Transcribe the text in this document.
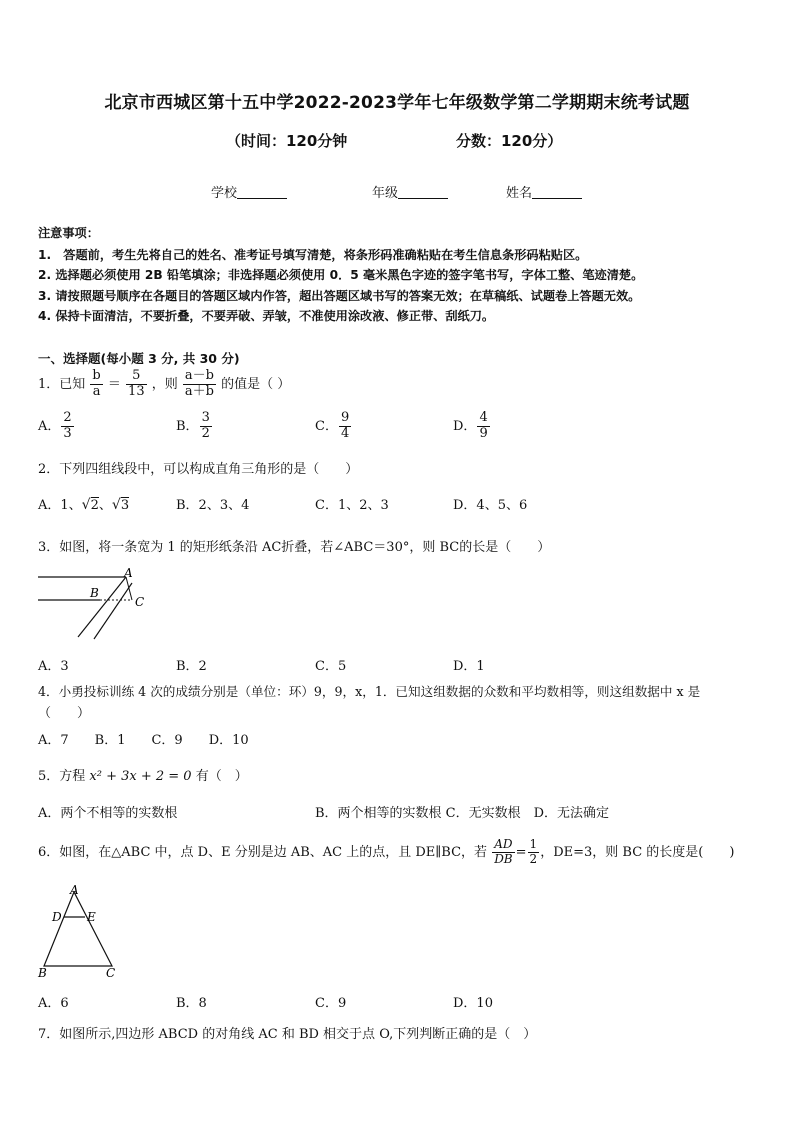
北京市西城区第十五中学2022-2023学年七年级数学第二学期期末统考试题
（时间：120分钟	分数：120分）
学校	年级	姓名
注意事项：
1.　答题前，考生先将自己的姓名、准考证号填写清楚，将条形码准确粘贴在考生信息条形码粘贴区。
2. 选择题必须使用 2B 铅笔填涂；非选择题必须使用 0．5 毫米黑色字迹的签字笔书写，字体工整、笔迹清楚。
3. 请按照题号顺序在各题目的答题区域内作答，超出答题区域书写的答案无效；在草稿纸、试题卷上答题无效。
4. 保持卡面清洁，不要折叠，不要弄破、弄皱，不准使用涂改液、修正带、刮纸刀。
一、选择题(每小题 3 分, 共 30 分)
1．已知 $\frac{b}{a} = \frac{5}{13}$ ，则 $\frac{a-b}{a+b}$ 的值是（ ）
A． $\frac{2}{3}$	B． $\frac{3}{2}$	C． $\frac{9}{4}$	D． $\frac{4}{9}$
2．下列四组线段中，可以构成直角三角形的是（　　）
A．1、√2、√3	B．2、3、4	C．1、2、3	D．4、5、6
3．如图，将一条宽为 1 的矩形纸条沿 AC折叠，若∠ABC＝30°，则 BC的长是（　　）
A
B
C
A．3	B．2	C．5	D．1
4．小勇投标训练 4 次的成绩分别是（单位：环）9，9，x，1．已知这组数据的众数和平均数相等，则这组数据中 x 是
（　　）
A．7　　B．1　　C．9　　D．10
5．方程 x² + 3x + 2 = 0 有（　）
A．两个不相等的实数根	B．两个相等的实数根 C．无实数根　D．无法确定
6．如图，在△ABC 中，点 D、E 分别是边 AB、AC 上的点，且 DE∥BC，若 $\frac{AD}{DB} = \frac{1}{2}$ ，DE=3，则 BC 的长度是(　　)
A
D E
B	C
A．6	B．8	C．9	D．10
7．如图所示,四边形 ABCD 的对角线 AC 和 BD 相交于点 O,下列判断正确的是（　）
